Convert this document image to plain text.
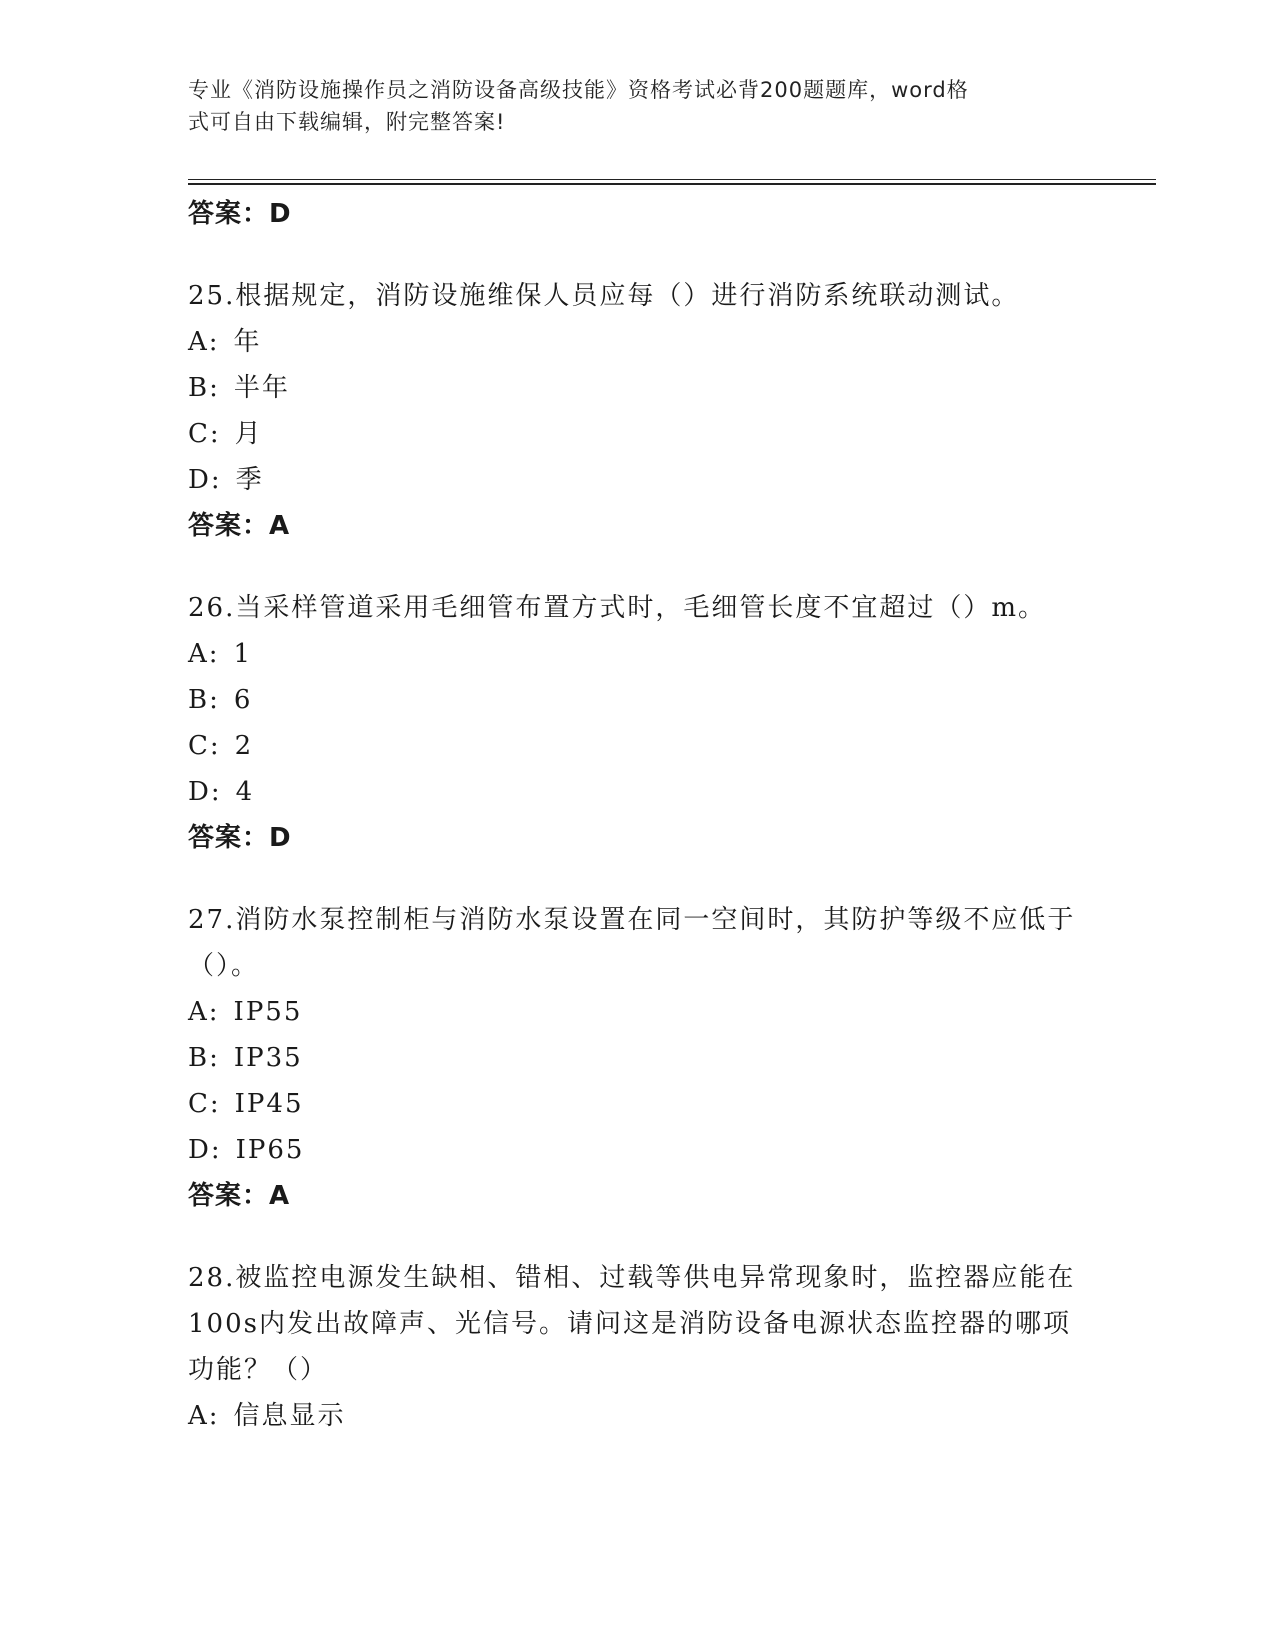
专业《消防设施操作员之消防设备高级技能》资格考试必背200题题库，word格
式可自由下载编辑，附完整答案!
答案：D
25.根据规定，消防设施维保人员应每（）进行消防系统联动测试。
A: 年
B: 半年
C: 月
D: 季
答案：A
26.当采样管道采用毛细管布置方式时，毛细管长度不宜超过（）m。
A: 1
B: 6
C: 2
D: 4
答案：D
27.消防水泵控制柜与消防水泵设置在同一空间时，其防护等级不应低于（）。
A: IP55
B: IP35
C: IP45
D: IP65
答案：A
28.被监控电源发生缺相、错相、过载等供电异常现象时，监控器应能在100s内发出故障声、光信号。请问这是消防设备电源状态监控器的哪项功能？（）
A: 信息显示
